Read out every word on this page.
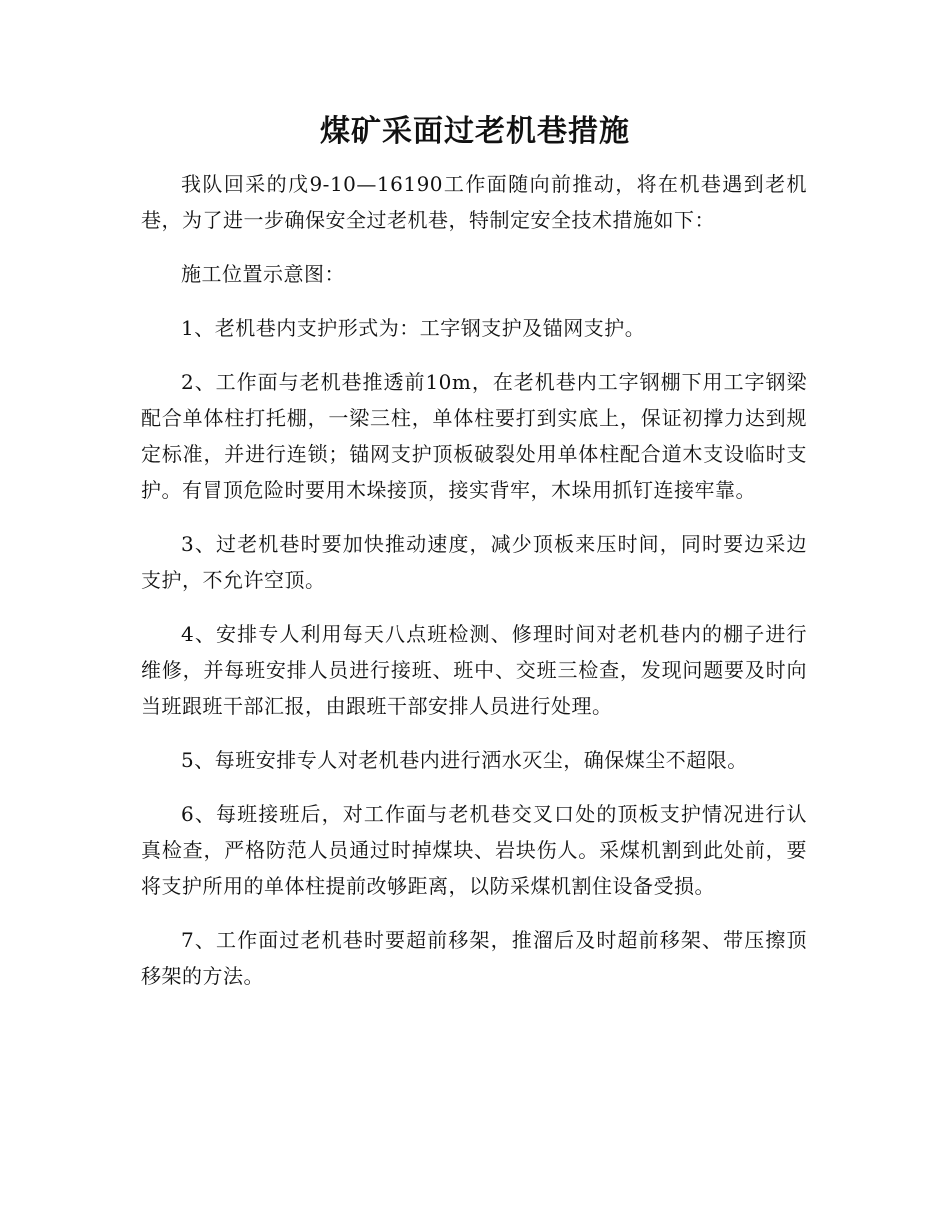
煤矿采面过老机巷措施

我队回采的戊9-10—16190工作面随向前推动，将在机巷遇到老机巷，为了进一步确保安全过老机巷，特制定安全技术措施如下：

施工位置示意图：

1、老机巷内支护形式为：工字钢支护及锚网支护。

2、工作面与老机巷推透前10m，在老机巷内工字钢棚下用工字钢梁配合单体柱打托棚，一梁三柱，单体柱要打到实底上，保证初撑力达到规定标准，并进行连锁；锚网支护顶板破裂处用单体柱配合道木支设临时支护。有冒顶危险时要用木垛接顶，接实背牢，木垛用抓钉连接牢靠。

3、过老机巷时要加快推动速度，减少顶板来压时间，同时要边采边支护，不允许空顶。

4、安排专人利用每天八点班检测、修理时间对老机巷内的棚子进行维修，并每班安排人员进行接班、班中、交班三检查，发现问题要及时向当班跟班干部汇报，由跟班干部安排人员进行处理。

5、每班安排专人对老机巷内进行洒水灭尘，确保煤尘不超限。

6、每班接班后，对工作面与老机巷交叉口处的顶板支护情况进行认真检查，严格防范人员通过时掉煤块、岩块伤人。采煤机割到此处前，要将支护所用的单体柱提前改够距离，以防采煤机割住设备受损。

7、工作面过老机巷时要超前移架，推溜后及时超前移架、带压擦顶移架的方法。
